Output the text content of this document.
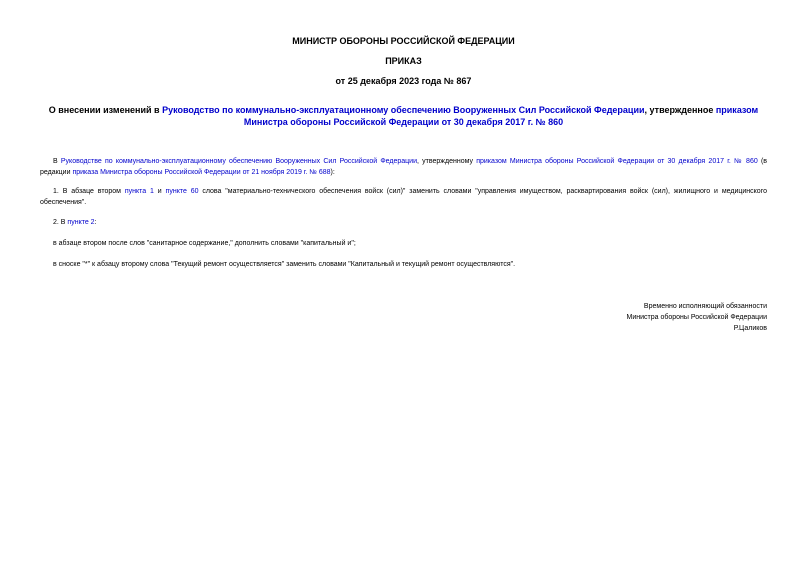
МИНИСТР ОБОРОНЫ РОССИЙСКОЙ ФЕДЕРАЦИИ

ПРИКАЗ

от 25 декабря 2023 года № 867

О внесении изменений в Руководство по коммунально-эксплуатационному обеспечению Вооруженных Сил Российской Федерации, утвержденное приказом Министра обороны Российской Федерации от 30 декабря 2017 г. № 860

В Руководстве по коммунально-эксплуатационному обеспечению Вооруженных Сил Российской Федерации, утвержденному приказом Министра обороны Российской Федерации от 30 декабря 2017 г. № 860 (в редакции приказа Министра обороны Российской Федерации от 21 ноября 2019 г. № 688):

1. В абзаце втором пункта 1 и пункте 60 слова "материально-технического обеспечения войск (сил)" заменить словами "управления имуществом, расквартирования войск (сил), жилищного и медицинского обеспечения".

2. В пункте 2:

в абзаце втором после слов "санитарное содержание," дополнить словами "капитальный и";

в сноске "*" к абзацу второму слова "Текущий ремонт осуществляется" заменить словами "Капитальный и текущий ремонт осуществляются".

Временно исполняющий обязанности
Министра обороны Российской Федерации
Р.Цаликов
